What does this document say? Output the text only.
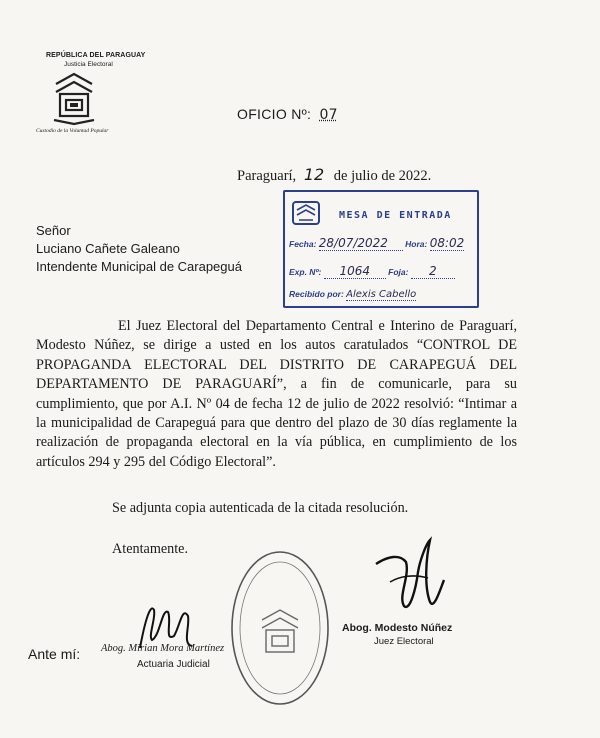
REPÚBLICA DEL PARAGUAY
Justicia Electoral
Custodio de la Voluntad Popular
OFICIO Nº: 07
Paraguarí, 12 de julio de 2022.
Señor
Luciano Cañete Galeano
Intendente Municipal de Carapeguá
MESA DE ENTRADA
Fecha: 28/07/2022 Hora: 08:02
Exp. Nº: 1064 Foja: 2
Recibido por: Alexis Cabello

El Juez Electoral del Departamento Central e Interino de Paraguarí, Modesto Núñez, se dirige a usted en los autos caratulados “CONTROL DE PROPAGANDA ELECTORAL DEL DISTRITO DE CARAPEGUÁ DEL DEPARTAMENTO DE PARAGUARÍ”, a fin de comunicarle, para su cumplimiento, que por A.I. Nº 04 de fecha 12 de julio de 2022 resolvió: “Intimar a la municipalidad de Carapeguá para que dentro del plazo de 30 días reglamente la realización de propaganda electoral en la vía pública, en cumplimiento de los artículos 294 y 295 del Código Electoral”.

Se adjunta copia autenticada de la citada resolución.
Atentamente.
Ante mí: Abog. Mirian Mora Martínez
Actuaria Judicial
Abog. Modesto Núñez
Juez Electoral
